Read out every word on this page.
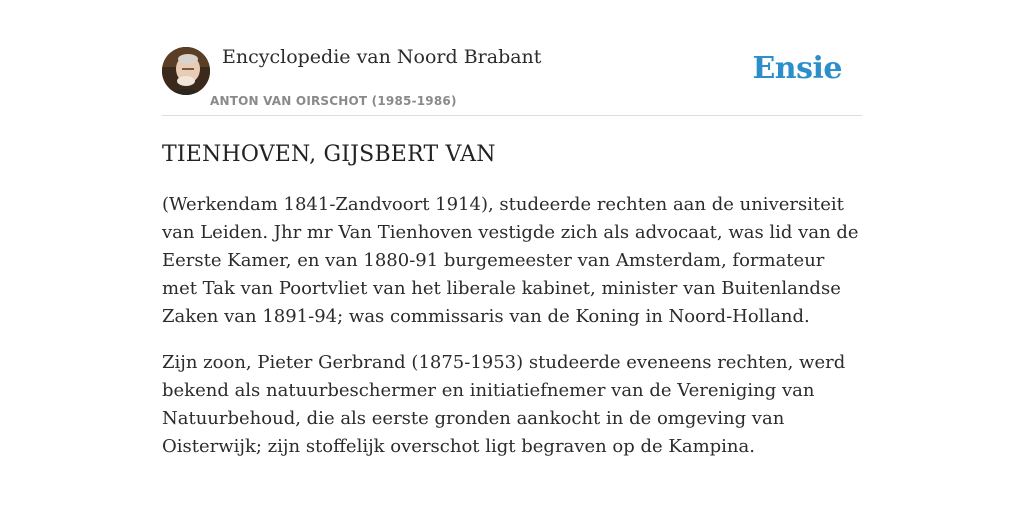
Encyclopedie van Noord Brabant
ANTON VAN OIRSCHOT (1985-1986)
Ensie
TIENHOVEN, GIJSBERT VAN

(Werkendam 1841-Zandvoort 1914), studeerde rechten aan de universiteit van Leiden. Jhr mr Van Tienhoven vestigde zich als advocaat, was lid van de Eerste Kamer, en van 1880-91 burgemeester van Amsterdam, formateur met Tak van Poortvliet van het liberale kabinet, minister van Buitenlandse Zaken van 1891-94; was commissaris van de Koning in Noord-Holland.

Zijn zoon, Pieter Gerbrand (1875-1953) studeerde eveneens rechten, werd bekend als natuurbeschermer en initiatiefnemer van de Vereniging van Natuurbehoud, die als eerste gronden aankocht in de omgeving van Oisterwijk; zijn stoffelijk overschot ligt begraven op de Kampina.
